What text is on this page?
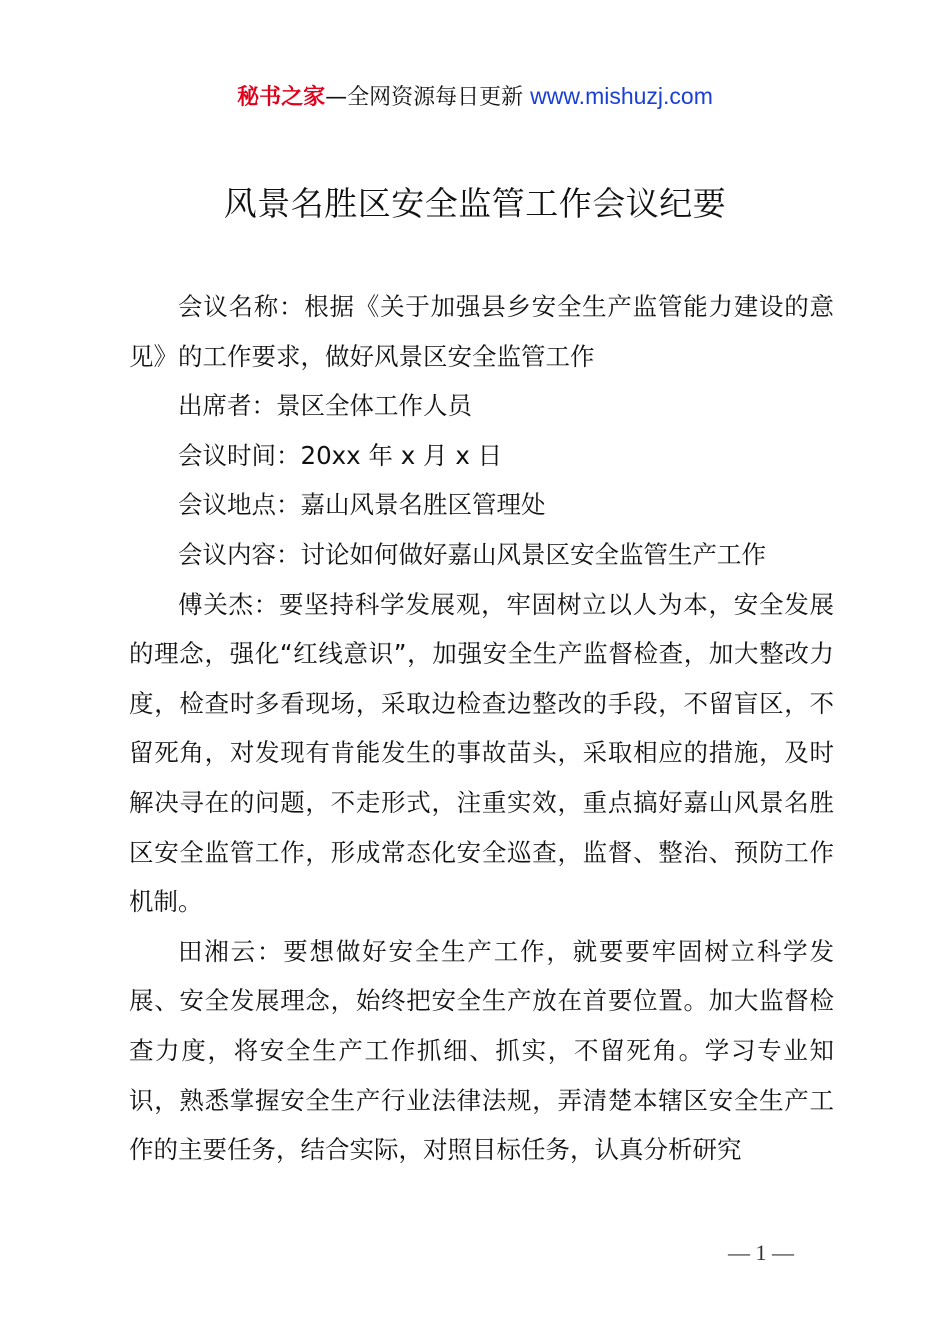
秘书之家—全网资源每日更新 www.mishuzj.com
风景名胜区安全监管工作会议纪要

会议名称：根据《关于加强县乡安全生产监管能力建设的意见》的工作要求，做好风景区安全监管工作

出席者：景区全体工作人员

会议时间：20xx 年 x 月 x 日

会议地点：嘉山风景名胜区管理处

会议内容：讨论如何做好嘉山风景区安全监管生产工作

傅关杰：要坚持科学发展观，牢固树立以人为本，安全发展的理念，强化“红线意识”，加强安全生产监督检查，加大整改力度，检查时多看现场，采取边检查边整改的手段，不留盲区，不留死角，对发现有肯能发生的事故苗头，采取相应的措施，及时解决寻在的问题，不走形式，注重实效，重点搞好嘉山风景名胜区安全监管工作，形成常态化安全巡查，监督、整治、预防工作机制。

田湘云：要想做好安全生产工作，就要要牢固树立科学发展、安全发展理念，始终把安全生产放在首要位置。加大监督检查力度，将安全生产工作抓细、抓实，不留死角。学习专业知识，熟悉掌握安全生产行业法律法规，弄清楚本辖区安全生产工作的主要任务，结合实际，对照目标任务，认真分析研究

— 1 —
